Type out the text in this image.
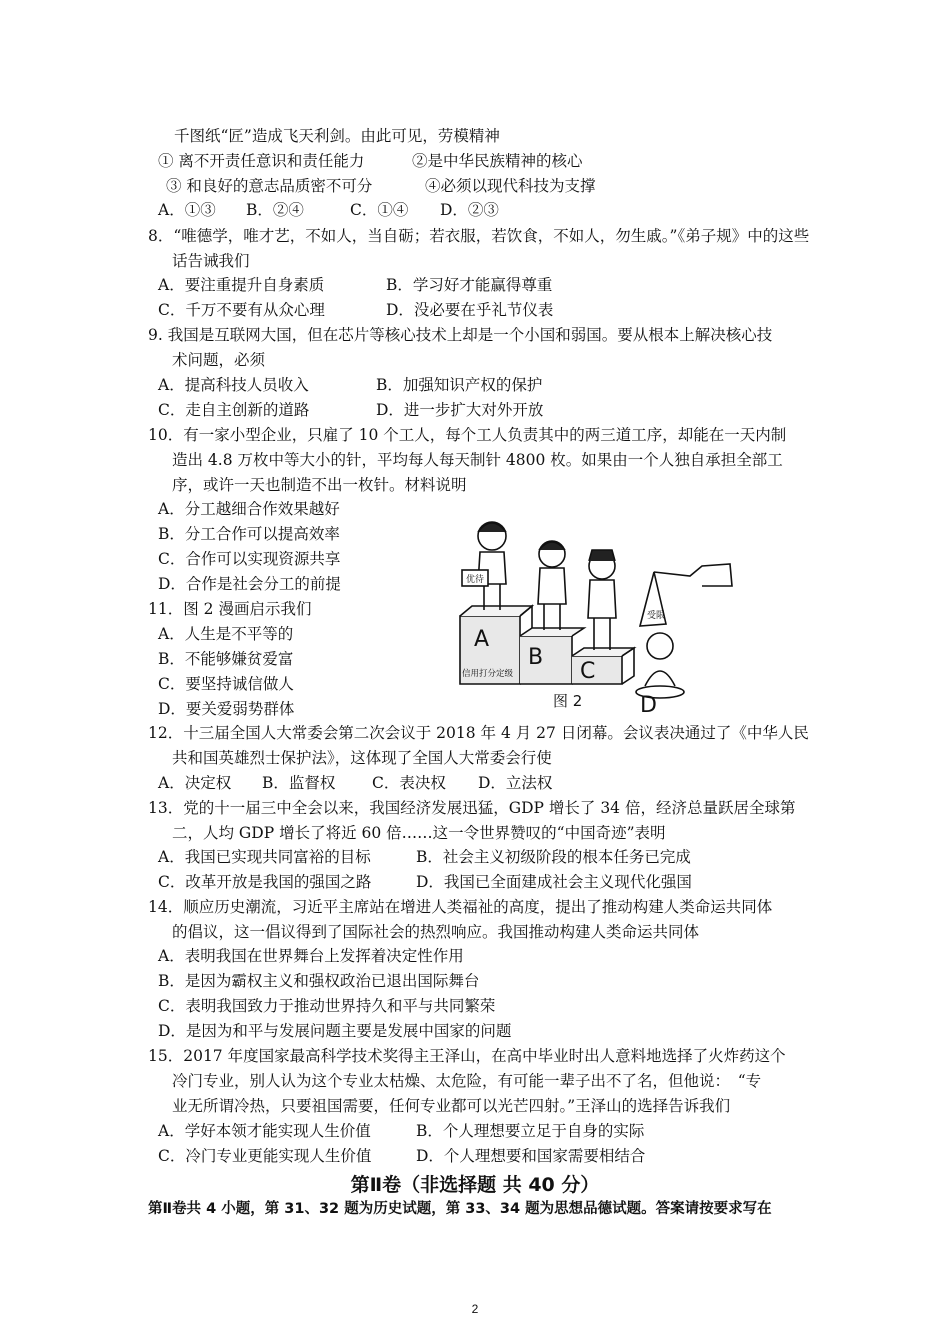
千图纸“匠”造成飞天利剑。由此可见，劳模精神
① 离不开责任意识和责任能力	②是中华民族精神的核心
③ 和良好的意志品质密不可分	④必须以现代科技为支撑
A．①③ B．②④	C．①④ D．②③
8．“唯德学，唯才艺，不如人，当自砺；若衣服，若饮食，不如人，勿生戚。”《弟子规》中的这些
话告诫我们
A．要注重提升自身素质	B．学习好才能赢得尊重
C．千万不要有从众心理	D．没必要在乎礼节仪表
9. 我国是互联网大国，但在芯片等核心技术上却是一个小国和弱国。要从根本上解决核心技
术问题，必须
A．提高科技人员收入	B．加强知识产权的保护
C．走自主创新的道路	D．进一步扩大对外开放
10．有一家小型企业，只雇了 10 个工人，每个工人负责其中的两三道工序，却能在一天内制
造出 4.8 万枚中等大小的针，平均每人每天制针 4800 枚。如果由一个人独自承担全部工
序，或许一天也制造不出一枚针。材料说明
A．分工越细合作效果越好
B．分工合作可以提高效率
C．合作可以实现资源共享
D．合作是社会分工的前提
11．图 2 漫画启示我们
A．人生是不平等的
B．不能够嫌贫爱富
C．要坚持诚信做人
D．要关爱弱势群体
优待
受限
信用打分定级
A
B
C
D
图 2
12．十三届全国人大常委会第二次会议于 2018 年 4 月 27 日闭幕。会议表决通过了《中华人民
共和国英雄烈士保护法》，这体现了全国人大常委会行使
A．决定权 B．监督权 C．表决权 D．立法权
13．党的十一届三中全会以来，我国经济发展迅猛，GDP 增长了 34 倍，经济总量跃居全球第
二，人均 GDP 增长了将近 60 倍……这一令世界赞叹的“中国奇迹”表明
A．我国已实现共同富裕的目标	B．社会主义初级阶段的根本任务已完成
C．改革开放是我国的强国之路	D．我国已全面建成社会主义现代化强国
14．顺应历史潮流，习近平主席站在增进人类福祉的高度，提出了推动构建人类命运共同体
的倡议，这一倡议得到了国际社会的热烈响应。我国推动构建人类命运共同体
A．表明我国在世界舞台上发挥着决定性作用
B．是因为霸权主义和强权政治已退出国际舞台
C．表明我国致力于推动世界持久和平与共同繁荣
D．是因为和平与发展问题主要是发展中国家的问题
15．2017 年度国家最高科学技术奖得主王泽山，在高中毕业时出人意料地选择了火炸药这个
冷门专业，别人认为这个专业太枯燥、太危险，有可能一辈子出不了名，但他说：　“专
业无所谓冷热，只要祖国需要，任何专业都可以光芒四射。”王泽山的选择告诉我们
A．学好本领才能实现人生价值	B．个人理想要立足于自身的实际
C．冷门专业更能实现人生价值	D．个人理想要和国家需要相结合
第Ⅱ卷（非选择题 共 40 分）
第Ⅱ卷共 4 小题，第 31、32 题为历史试题，第 33、34 题为思想品德试题。答案请按要求写在
2
